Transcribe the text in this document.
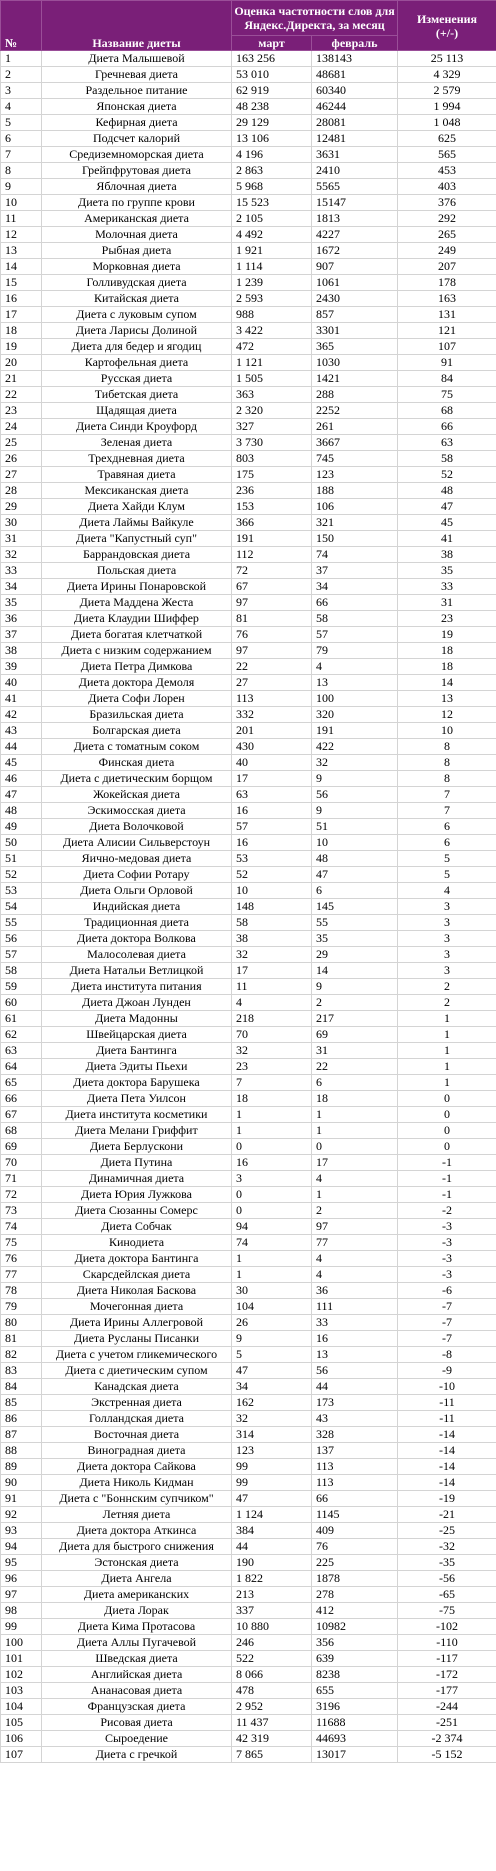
№	Название диеты	Оценка частотности слов для
Яндекс.Директа, за месяц		Изменения
(+/-)
		март	февраль	
1	Диета Малышевой	163 256	138143	25 113
2	Гречневая диета	53 010	48681	4 329
3	Раздельное питание	62 919	60340	2 579
4	Японская диета	48 238	46244	1 994
5	Кефирная диета	29 129	28081	1 048
6	Подсчет калорий	13 106	12481	625
7	Средиземноморская диета	4 196	3631	565
8	Грейпфрутовая диета	2 863	2410	453
9	Яблочная диета	5 968	5565	403
10	Диета по группе крови	15 523	15147	376
11	Американская диета	2 105	1813	292
12	Молочная диета	4 492	4227	265
13	Рыбная диета	1 921	1672	249
14	Морковная диета	1 114	907	207
15	Голливудская диета	1 239	1061	178
16	Китайская диета	2 593	2430	163
17	Диета с луковым супом	988	857	131
18	Диета Ларисы Долиной	3 422	3301	121
19	Диета для бедер и ягодиц	472	365	107
20	Картофельная диета	1 121	1030	91
21	Русская диета	1 505	1421	84
22	Тибетская диета	363	288	75
23	Щадящая диета	2 320	2252	68
24	Диета Синди Кроуфорд	327	261	66
25	Зеленая диета	3 730	3667	63
26	Трехдневная диета	803	745	58
27	Травяная диета	175	123	52
28	Мексиканская диета	236	188	48
29	Диета Хайди Клум	153	106	47
30	Диета Лаймы Вайкуле	366	321	45
31	Диета "Капустный суп"	191	150	41
32	Баррандовская диета	112	74	38
33	Польская диета	72	37	35
34	Диета Ирины Понаровской	67	34	33
35	Диета Маддена Жеста	97	66	31
36	Диета Клаудии Шиффер	81	58	23
37	Диета богатая клетчаткой	76	57	19
38	Диета с низким содержанием	97	79	18
39	Диета Петра Димкова	22	4	18
40	Диета доктора Демоля	27	13	14
41	Диета Софи Лорен	113	100	13
42	Бразильская диета	332	320	12
43	Болгарская диета	201	191	10
44	Диета с томатным соком	430	422	8
45	Финская диета	40	32	8
46	Диета с диетическим борщом	17	9	8
47	Жокейская диета	63	56	7
48	Эскимосская диета	16	9	7
49	Диета Волочковой	57	51	6
50	Диета Алисии Сильверстоун	16	10	6
51	Яично-медовая диета	53	48	5
52	Диета Софии Ротару	52	47	5
53	Диета Ольги Орловой	10	6	4
54	Индийская диета	148	145	3
55	Традиционная диета	58	55	3
56	Диета доктора Волкова	38	35	3
57	Малосолевая диета	32	29	3
58	Диета Натальи Ветлицкой	17	14	3
59	Диета института питания	11	9	2
60	Диета Джоан Лунден	4	2	2
61	Диета Мадонны	218	217	1
62	Швейцарская диета	70	69	1
63	Диета Бантинга	32	31	1
64	Диета Эдиты Пьехи	23	22	1
65	Диета доктора Барушека	7	6	1
66	Диета Пета Уилсон	18	18	0
67	Диета института косметики	1	1	0
68	Диета Мелани Гриффит	1	1	0
69	Диета Берлускони	0	0	0
70	Диета Путина	16	17	-1
71	Динамичная диета	3	4	-1
72	Диета Юрия Лужкова	0	1	-1
73	Диета Сюзанны Сомерс	0	2	-2
74	Диета Собчак	94	97	-3
75	Кинодиета	74	77	-3
76	Диета доктора Бантинга	1	4	-3
77	Скарсдейлская диета	1	4	-3
78	Диета Николая Баскова	30	36	-6
79	Мочегонная диета	104	111	-7
80	Диета Ирины Аллегровой	26	33	-7
81	Диета Русланы Писанки	9	16	-7
82	Диета с учетом гликемического	5	13	-8
83	Диета с диетическим супом	47	56	-9
84	Канадская диета	34	44	-10
85	Экстренная диета	162	173	-11
86	Голландская диета	32	43	-11
87	Восточная диета	314	328	-14
88	Виноградная диета	123	137	-14
89	Диета доктора Сайкова	99	113	-14
90	Диета Николь Кидман	99	113	-14
91	Диета с "Боннским супчиком"	47	66	-19
92	Летняя диета	1 124	1145	-21
93	Диета доктора Аткинса	384	409	-25
94	Диета для быстрого снижения	44	76	-32
95	Эстонская диета	190	225	-35
96	Диета Ангела	1 822	1878	-56
97	Диета американских	213	278	-65
98	Диета Лорак	337	412	-75
99	Диета Кима Протасова	10 880	10982	-102
100	Диета Аллы Пугачевой	246	356	-110
101	Шведская диета	522	639	-117
102	Английская диета	8 066	8238	-172
103	Ананасовая диета	478	655	-177
104	Французская диета	2 952	3196	-244
105	Рисовая диета	11 437	11688	-251
106	Сыроедение	42 319	44693	-2 374
107	Диета с гречкой	7 865	13017	-5 152
